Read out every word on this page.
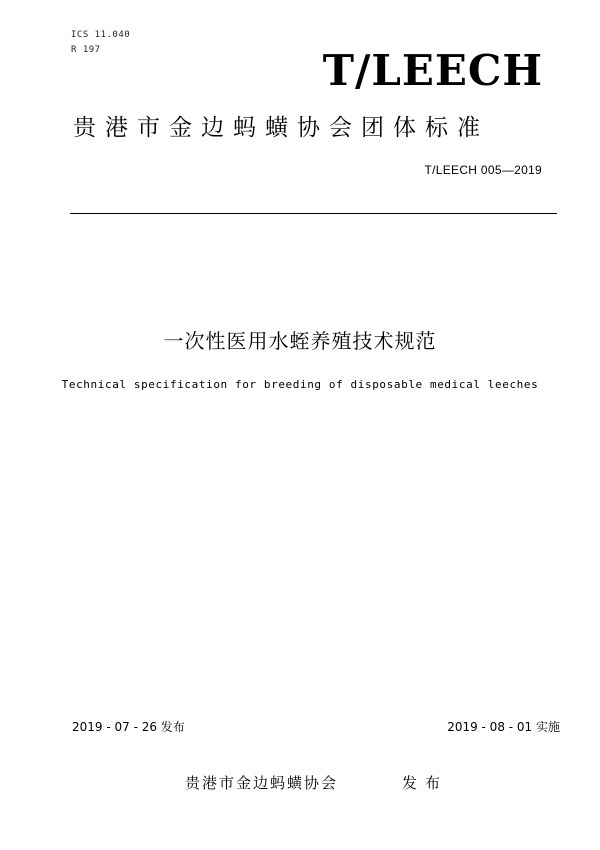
ICS 11.040
R 197	T/LEECH
贵港市金边蚂蟥协会团体标准
T/LEECH 005—2019
一次性医用水蛭养殖技术规范
Technical specification for breeding of disposable medical leeches
2019 - 07 - 26 发布	2019 - 08 - 01 实施
贵港市金边蚂蟥协会	发布
